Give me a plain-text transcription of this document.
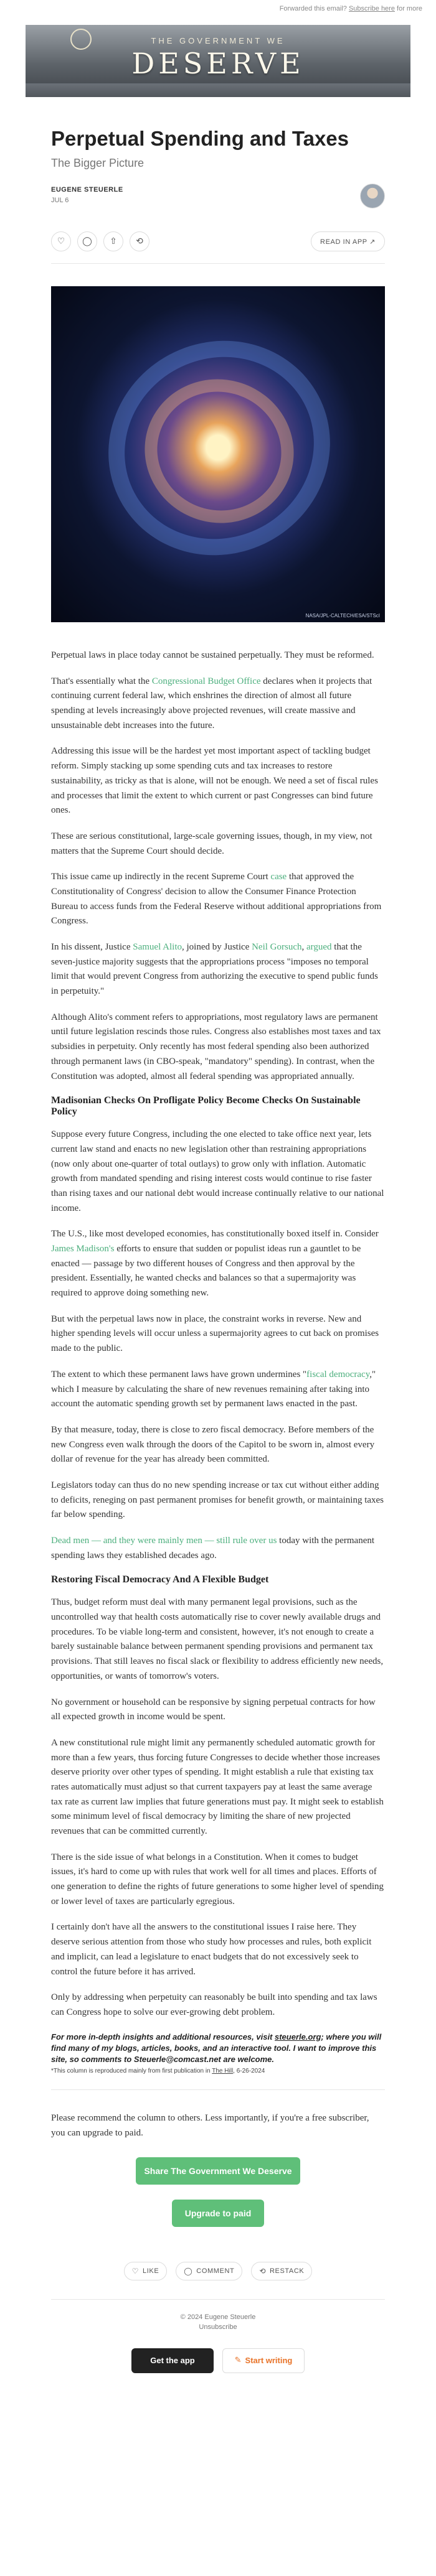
Forwarded this email? Subscribe here for more
THE GOVERNMENT WE
DESERVE
Perpetual Spending and Taxes
The Bigger Picture
EUGENE STEUERLE
JUL 6
♡	◯	⇧	⟲	READ IN APP ↗
NASA/JPL-CALTECH/ESA/STScI

Perpetual laws in place today cannot be sustained perpetually. They must be reformed.

That's essentially what the Congressional Budget Office declares when it projects that continuing current federal law, which enshrines the direction of almost all future spending at levels increasingly above projected revenues, will create massive and unsustainable debt increases into the future.

Addressing this issue will be the hardest yet most important aspect of tackling budget reform. Simply stacking up some spending cuts and tax increases to restore sustainability, as tricky as that is alone, will not be enough. We need a set of fiscal rules and processes that limit the extent to which current or past Congresses can bind future ones.

These are serious constitutional, large-scale governing issues, though, in my view, not matters that the Supreme Court should decide.

This issue came up indirectly in the recent Supreme Court case that approved the Constitutionality of Congress' decision to allow the Consumer Finance Protection Bureau to access funds from the Federal Reserve without additional appropriations from Congress.

In his dissent, Justice Samuel Alito, joined by Justice Neil Gorsuch, argued that the seven-justice majority suggests that the appropriations process "imposes no temporal limit that would prevent Congress from authorizing the executive to spend public funds in perpetuity."

Although Alito's comment refers to appropriations, most regulatory laws are permanent until future legislation rescinds those rules. Congress also establishes most taxes and tax subsidies in perpetuity. Only recently has most federal spending also been authorized through permanent laws (in CBO-speak, "mandatory" spending). In contrast, when the Constitution was adopted, almost all federal spending was appropriated annually.

Madisonian Checks On Profligate Policy Become Checks On Sustainable Policy

Suppose every future Congress, including the one elected to take office next year, lets current law stand and enacts no new legislation other than restraining appropriations (now only about one-quarter of total outlays) to grow only with inflation. Automatic growth from mandated spending and rising interest costs would continue to rise faster than rising taxes and our national debt would increase continually relative to our national income.

The U.S., like most developed economies, has constitutionally boxed itself in. Consider James Madison's efforts to ensure that sudden or populist ideas run a gauntlet to be enacted — passage by two different houses of Congress and then approval by the president. Essentially, he wanted checks and balances so that a supermajority was required to approve doing something new.

But with the perpetual laws now in place, the constraint works in reverse. New and higher spending levels will occur unless a supermajority agrees to cut back on promises made to the public.

The extent to which these permanent laws have grown undermines "fiscal democracy," which I measure by calculating the share of new revenues remaining after taking into account the automatic spending growth set by permanent laws enacted in the past.

By that measure, today, there is close to zero fiscal democracy. Before members of the new Congress even walk through the doors of the Capitol to be sworn in, almost every dollar of revenue for the year has already been committed.

Legislators today can thus do no new spending increase or tax cut without either adding to deficits, reneging on past permanent promises for benefit growth, or maintaining taxes far below spending.

Dead men — and they were mainly men — still rule over us today with the permanent spending laws they established decades ago.

Restoring Fiscal Democracy And A Flexible Budget

Thus, budget reform must deal with many permanent legal provisions, such as the uncontrolled way that health costs automatically rise to cover newly available drugs and procedures. To be viable long-term and consistent, however, it's not enough to create a barely sustainable balance between permanent spending provisions and permanent tax provisions. That still leaves no fiscal slack or flexibility to address efficiently new needs, opportunities, or wants of tomorrow's voters.

No government or household can be responsive by signing perpetual contracts for how all expected growth in income would be spent.

A new constitutional rule might limit any permanently scheduled automatic growth for more than a few years, thus forcing future Congresses to decide whether those increases deserve priority over other types of spending. It might establish a rule that existing tax rates automatically must adjust so that current taxpayers pay at least the same average tax rate as current law implies that future generations must pay. It might seek to establish some minimum level of fiscal democracy by limiting the share of new projected revenues that can be committed currently.

There is the side issue of what belongs in a Constitution. When it comes to budget issues, it's hard to come up with rules that work well for all times and places. Efforts of one generation to define the rights of future generations to some higher level of spending or lower level of taxes are particularly egregious.

I certainly don't have all the answers to the constitutional issues I raise here. They deserve serious attention from those who study how processes and rules, both explicit and implicit, can lead a legislature to enact budgets that do not excessively seek to control the future before it has arrived.

Only by addressing when perpetuity can reasonably be built into spending and tax laws can Congress hope to solve our ever-growing debt problem.

For more in-depth insights and additional resources, visit steuerle.org; where you will find many of my blogs, articles, books, and an interactive tool. I want to improve this site, so comments to Steuerle@comcast.net are welcome.
*This column is reproduced mainly from first publication in The Hill, 6-26-2024

Please recommend the column to others. Less importantly, if you're a free subscriber, you can upgrade to paid.

Share The Government We Deserve
Upgrade to paid
♡ LIKE	◯ COMMENT	⟲ RESTACK
© 2024 Eugene Steuerle
Unsubscribe
Get the app	✎ Start writing
